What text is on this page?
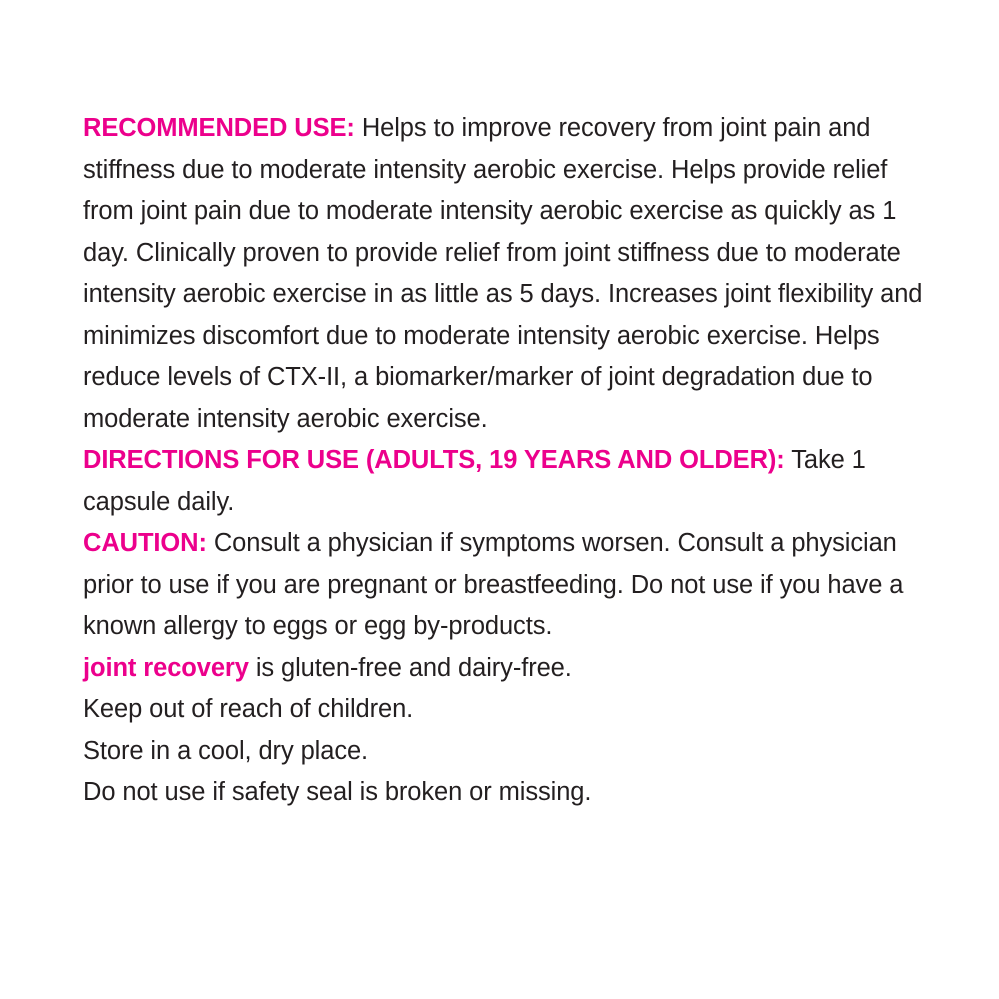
RECOMMENDED USE: Helps to improve recovery from joint pain and stiffness due to moderate intensity aerobic exercise. Helps provide relief from joint pain due to moderate intensity aerobic exercise as quickly as 1 day. Clinically proven to provide relief from joint stiffness due to moderate intensity aerobic exercise in as little as 5 days. Increases joint flexibility and minimizes discomfort due to moderate intensity aerobic exercise. Helps reduce levels of CTX-II, a biomarker/marker of joint degradation due to moderate intensity aerobic exercise.

DIRECTIONS FOR USE (ADULTS, 19 YEARS AND OLDER): Take 1 capsule daily.

CAUTION: Consult a physician if symptoms worsen. Consult a physician prior to use if you are pregnant or breastfeeding. Do not use if you have a known allergy to eggs or egg by-products.

joint recovery is gluten-free and dairy-free.

Keep out of reach of children.

Store in a cool, dry place.

Do not use if safety seal is broken or missing.
